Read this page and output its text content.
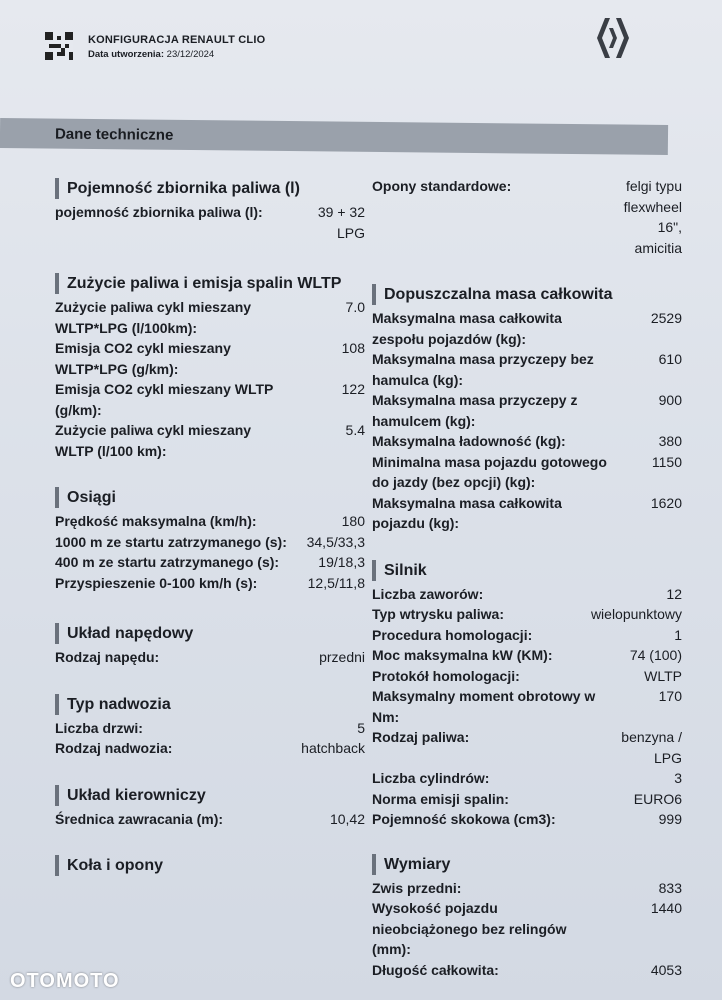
KONFIGURACJA RENAULT CLIO
Data utworzenia: 23/12/2024
Dane techniczne
Pojemność zbiornika paliwa (l)
pojemność zbiornika paliwa (l):	39 + 32 LPG
Zużycie paliwa i emisja spalin WLTP
Zużycie paliwa cykl mieszany WLTP*LPG (l/100km):
7.0
Emisja CO2 cykl mieszany WLTP*LPG (g/km):
108
Emisja CO2 cykl mieszany WLTP (g/km):
122
Zużycie paliwa cykl mieszany WLTP (l/100 km):
5.4
Osiągi
Prędkość maksymalna (km/h):	180
1000 m ze startu zatrzymanego (s):	34,5/33,3
400 m ze startu zatrzymanego (s):	19/18,3
Przyspieszenie 0-100 km/h (s):	12,5/11,8
Układ napędowy
Rodzaj napędu:	przedni
Typ nadwozia
Liczba drzwi:	5
Rodzaj nadwozia:	hatchback
Układ kierowniczy
Średnica zawracania (m):	10,42
Koła i opony
Opony standardowe:	felgi typu flexwheel 16", amicitia
Dopuszczalna masa całkowita
Maksymalna masa całkowita zespołu pojazdów (kg):
2529
Maksymalna masa przyczepy bez hamulca (kg):
610
Maksymalna masa przyczepy z hamulcem (kg):
900
Maksymalna ładowność (kg):	380
Minimalna masa pojazdu gotowego do jazdy (bez opcji) (kg):
1150
Maksymalna masa całkowita pojazdu (kg):
1620
Silnik
Liczba zaworów:	12
Typ wtrysku paliwa:	wielopunktowy
Procedura homologacji:	1
Moc maksymalna kW (KM):	74 (100)
Protokół homologacji:	WLTP
Maksymalny moment obrotowy w Nm:
170
Rodzaj paliwa:	benzyna / LPG
Liczba cylindrów:	3
Norma emisji spalin:	EURO6
Pojemność skokowa (cm3):	999
Wymiary
Zwis przedni:	833
Wysokość pojazdu nieobciążonego bez relingów (mm):
1440
Długość całkowita:	4053
OTOMOTO
